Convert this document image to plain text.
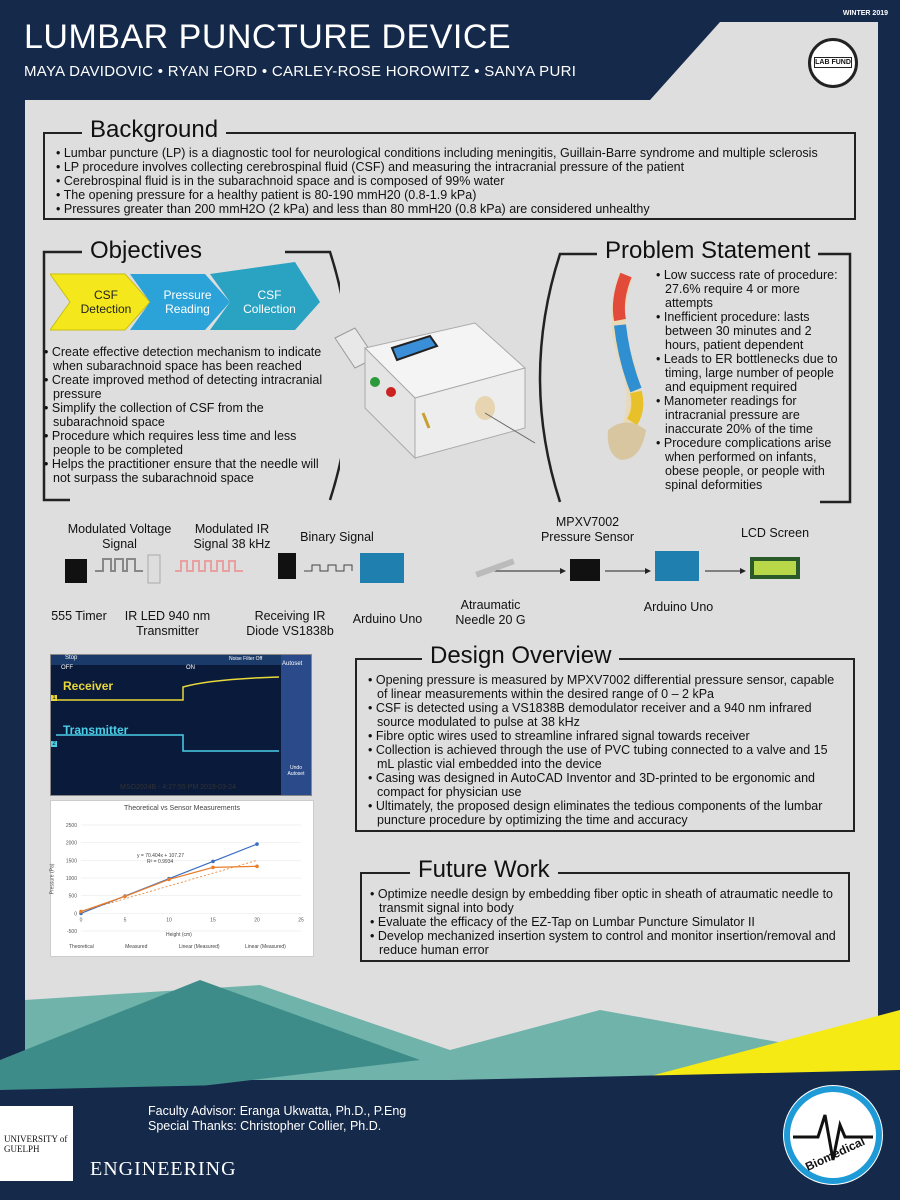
WINTER 2019
LUMBAR PUNCTURE DEVICE
MAYA DAVIDOVIC • RYAN FORD • CARLEY-ROSE HOROWITZ • SANYA PURI
LAB FUND
Background
• Lumbar puncture (LP) is a diagnostic tool for neurological conditions including meningitis, Guillain-Barre syndrome and multiple sclerosis
• LP procedure involves collecting cerebrospinal fluid (CSF) and measuring the intracranial pressure of the patient
• Cerebrospinal fluid is in the subarachnoid space and is composed of 99% water
• The opening pressure for a healthy patient is 80-190 mmH20 (0.8-1.9 kPa)
• Pressures greater than 200 mmH2O (2 kPa) and less than 80 mmH20 (0.8 kPa) are considered unhealthy
Objectives
CSF Detection
Pressure Reading
CSF Collection
• Create effective detection mechanism to indicate when subarachnoid space has been reached
• Create improved method of detecting intracranial pressure
• Simplify the collection of CSF from the subarachnoid space
• Procedure which requires less time and less people to be completed
• Helps the practitioner ensure that the needle will not surpass the subarachnoid space
Problem Statement
• Low success rate of procedure: 27.6% require 4 or more attempts
• Inefficient procedure: lasts between 30 minutes and 2 hours, patient dependent
• Leads to ER bottlenecks due to timing, large number of people and equipment required
• Manometer readings for intracranial pressure are inaccurate 20% of the time
• Procedure complications arise when performed on infants, obese people, or people with spinal deformities
Modulated Voltage Signal
Modulated IR Signal 38 kHz	Binary Signal
MPXV7002 Pressure Sensor	LCD Screen
555 Timer	IR LED 940 nm Transmitter
Receiving IR Diode VS1838b
Arduino Uno
Atraumatic Needle 20 G
Arduino Uno
Stop
OFF	ON
Noise Filter Off
Autoset
Undo Autoset
Receiver
Transmitter
1
2
MSO2024B - 4:27:55 PM 2019-03-24
Theoretical vs Sensor Measurements
-500
0
500
1000
1500
2000
2500
0	5	10	15	20	25
y = 70.404x + 107.27
R² = 0.9934
Height (cm)
Pressure (Pa)
Theoretical	Measured	Linear (Measured)	Linear (Measured)
Design Overview
• Opening pressure is measured by MPXV7002 differential pressure sensor, capable of linear measurements within the desired range of 0 – 2 kPa
• CSF is detected using a VS1838B demodulator receiver and a 940 nm infrared source modulated to pulse at 38 kHz
• Fibre optic wires used to streamline infrared signal towards receiver
• Collection is achieved through the use of PVC tubing connected to a valve and 15 mL plastic vial embedded into the device
• Casing was designed in AutoCAD Inventor and 3D-printed to be ergonomic and compact for physician use
• Ultimately, the proposed design eliminates the tedious components of the lumbar puncture procedure by optimizing the time and accuracy
Future Work
• Optimize needle design by embedding fiber optic in sheath of atraumatic needle to transmit signal into body
• Evaluate the efficacy of the EZ-Tap on Lumbar Puncture Simulator II
• Develop mechanized insertion system to control and monitor insertion/removal and reduce human error
Faculty Advisor: Eranga Ukwatta, Ph.D., P.Eng
Special Thanks: Christopher Collier, Ph.D.
UNIVERSITY of GUELPH
ENGINEERING	Biomedical
